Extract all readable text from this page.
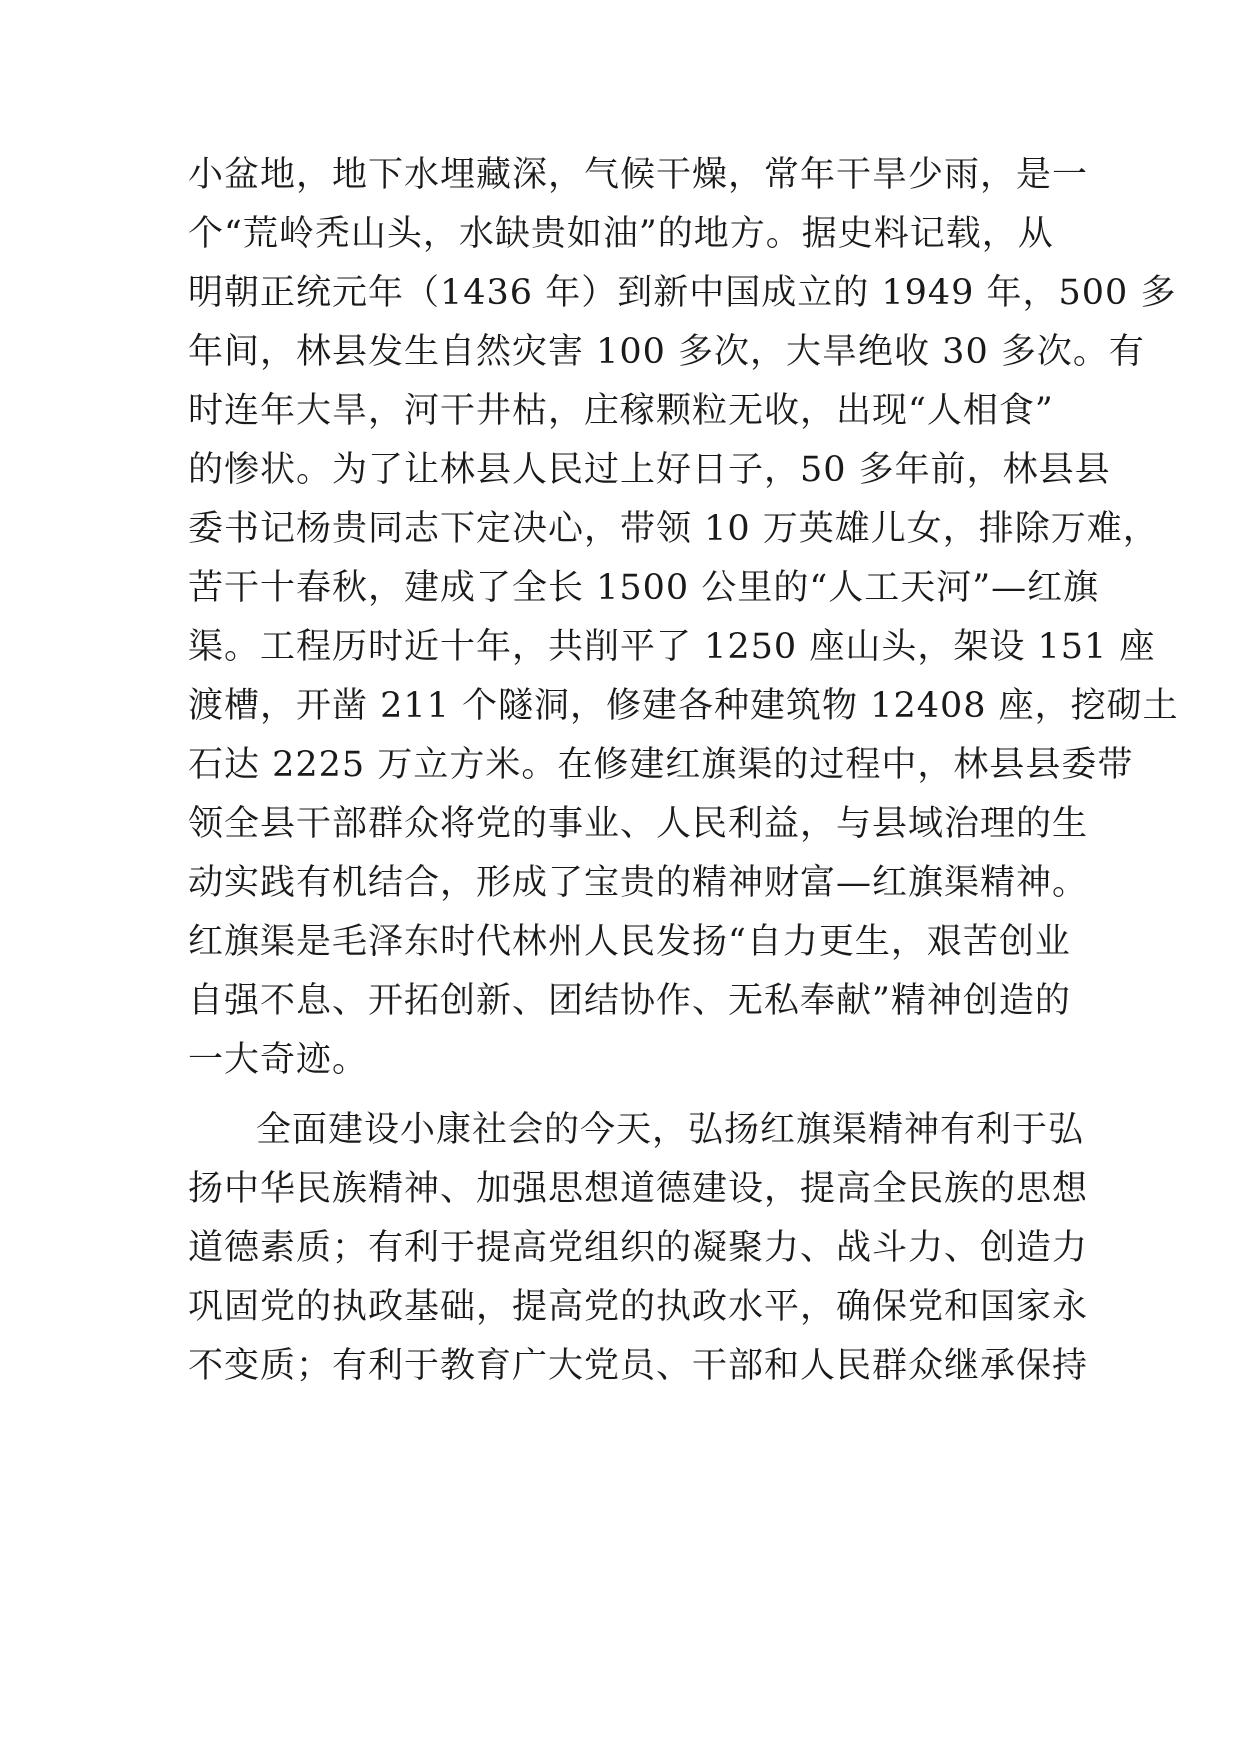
小盆地，地下水埋藏深，气候干燥，常年干旱少雨，是一
个“荒岭秃山头，水缺贵如油”的地方。据史料记载，从
明朝正统元年（1436 年）到新中国成立的 1949 年，500 多
年间，林县发生自然灾害 100 多次，大旱绝收 30 多次。有
时连年大旱，河干井枯，庄稼颗粒无收，出现“人相食”
的惨状。为了让林县人民过上好日子，50 多年前，林县县
委书记杨贵同志下定决心，带领 10 万英雄儿女，排除万难，
苦干十春秋，建成了全长 1500 公里的“人工天河”—红旗
渠。工程历时近十年，共削平了 1250 座山头，架设 151 座
渡槽，开凿 211 个隧洞，修建各种建筑物 12408 座，挖砌土
石达 2225 万立方米。在修建红旗渠的过程中，林县县委带
领全县干部群众将党的事业、人民利益，与县域治理的生
动实践有机结合，形成了宝贵的精神财富—红旗渠精神。
红旗渠是毛泽东时代林州人民发扬“自力更生，艰苦创业
自强不息、开拓创新、团结协作、无私奉献”精神创造的
一大奇迹。
全面建设小康社会的今天，弘扬红旗渠精神有利于弘
扬中华民族精神、加强思想道德建设，提高全民族的思想
道德素质；有利于提高党组织的凝聚力、战斗力、创造力
巩固党的执政基础，提高党的执政水平，确保党和国家永
不变质；有利于教育广大党员、干部和人民群众继承保持
